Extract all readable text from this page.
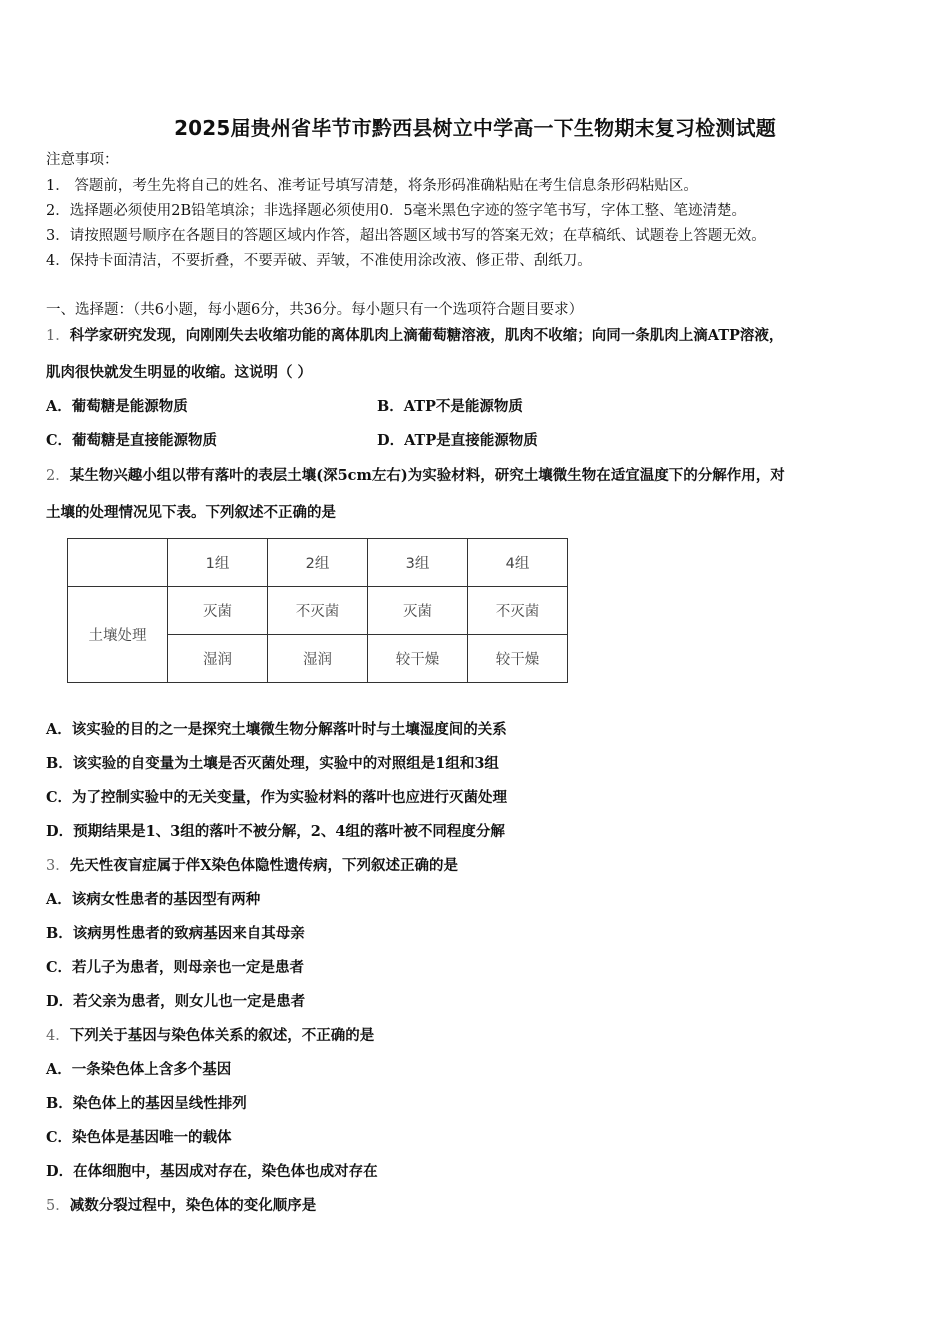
2025届贵州省毕节市黔西县树立中学高一下生物期末复习检测试题
注意事项：
1． 答题前，考生先将自己的姓名、准考证号填写清楚，将条形码准确粘贴在考生信息条形码粘贴区。
2．选择题必须使用2B铅笔填涂；非选择题必须使用0．5毫米黑色字迹的签字笔书写，字体工整、笔迹清楚。
3．请按照题号顺序在各题目的答题区域内作答，超出答题区域书写的答案无效；在草稿纸、试题卷上答题无效。
4．保持卡面清洁，不要折叠，不要弄破、弄皱，不准使用涂改液、修正带、刮纸刀。
一、选择题：（共6小题，每小题6分，共36分。每小题只有一个选项符合题目要求）
1．科学家研究发现，向刚刚失去收缩功能的离体肌肉上滴葡萄糖溶液，肌肉不收缩；向同一条肌肉上滴ATP溶液，
肌肉很快就发生明显的收缩。这说明（ ）
A．葡萄糖是能源物质	B．ATP不是能源物质
C．葡萄糖是直接能源物质	D．ATP是直接能源物质
2．某生物兴趣小组以带有落叶的表层土壤(深5cm左右)为实验材料，研究土壤微生物在适宜温度下的分解作用，对
土壤的处理情况见下表。下列叙述不正确的是
	1组	2组	3组	4组
土壤处理	灭菌	不灭菌	灭菌	不灭菌
	湿润	湿润	较干燥	较干燥
A．该实验的目的之一是探究土壤微生物分解落叶时与土壤湿度间的关系
B．该实验的自变量为土壤是否灭菌处理，实验中的对照组是1组和3组
C．为了控制实验中的无关变量，作为实验材料的落叶也应进行灭菌处理
D．预期结果是1、3组的落叶不被分解，2、4组的落叶被不同程度分解
3．先天性夜盲症属于伴X染色体隐性遗传病，下列叙述正确的是
A．该病女性患者的基因型有两种
B．该病男性患者的致病基因来自其母亲
C．若儿子为患者，则母亲也一定是患者
D．若父亲为患者，则女儿也一定是患者
4．下列关于基因与染色体关系的叙述，不正确的是
A．一条染色体上含多个基因
B．染色体上的基因呈线性排列
C．染色体是基因唯一的载体
D．在体细胞中，基因成对存在，染色体也成对存在
5．减数分裂过程中，染色体的变化顺序是
